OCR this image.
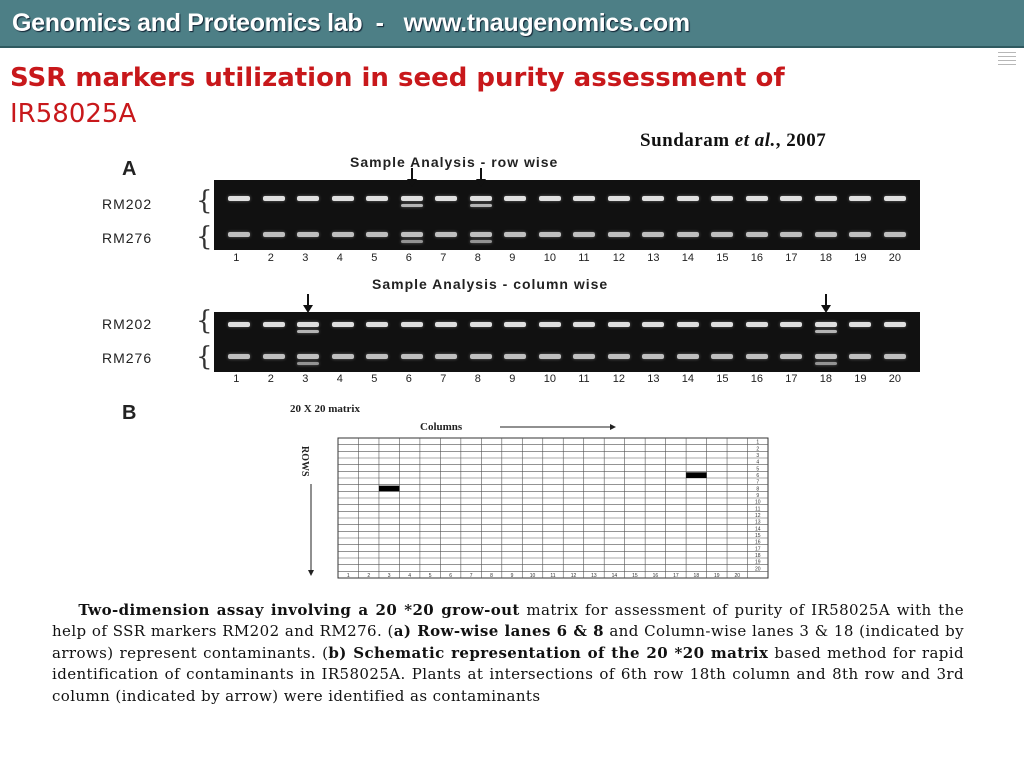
Genomics and Proteomics lab  -   www.tnaugenomics.com
SSR markers utilization in seed purity assessment of
IR58025A
Sundaram et al., 2007
A	Sample Analysis - row wise
Sample Analysis - column wise
RM202
RM276
{
{
RM202
RM276
{
{
1	2	3	4	5	6	7	8	9	10 11 12 13 14 15 16 17 18 19 20
1	2	3	4	5	6	7	8	9	10 11 12 13 14 15 16 17 18 19 20
B	20 X 20 matrix
Columns
ROWS
1
2
3
4
5
6
7
8
9
10
11
12
13
14
15
16
17
18
19
20
1	2	3	4	5	6	7	8	9	10	11	12	13	14	15	16	17	18	19	20
Two-dimension assay involving a 20 *20 grow-out matrix for assessment of purity of IR58025A with the help of SSR markers RM202 and RM276. (a) Row-wise lanes 6 & 8 and Column-wise lanes 3 & 18 (indicated by arrows) represent contaminants. (b) Schematic representation of the 20 *20 matrix based method for rapid identification of contaminants in IR58025A. Plants at intersections of 6th row 18th column and 8th row and 3rd column (indicated by arrow) were identified as contaminants
